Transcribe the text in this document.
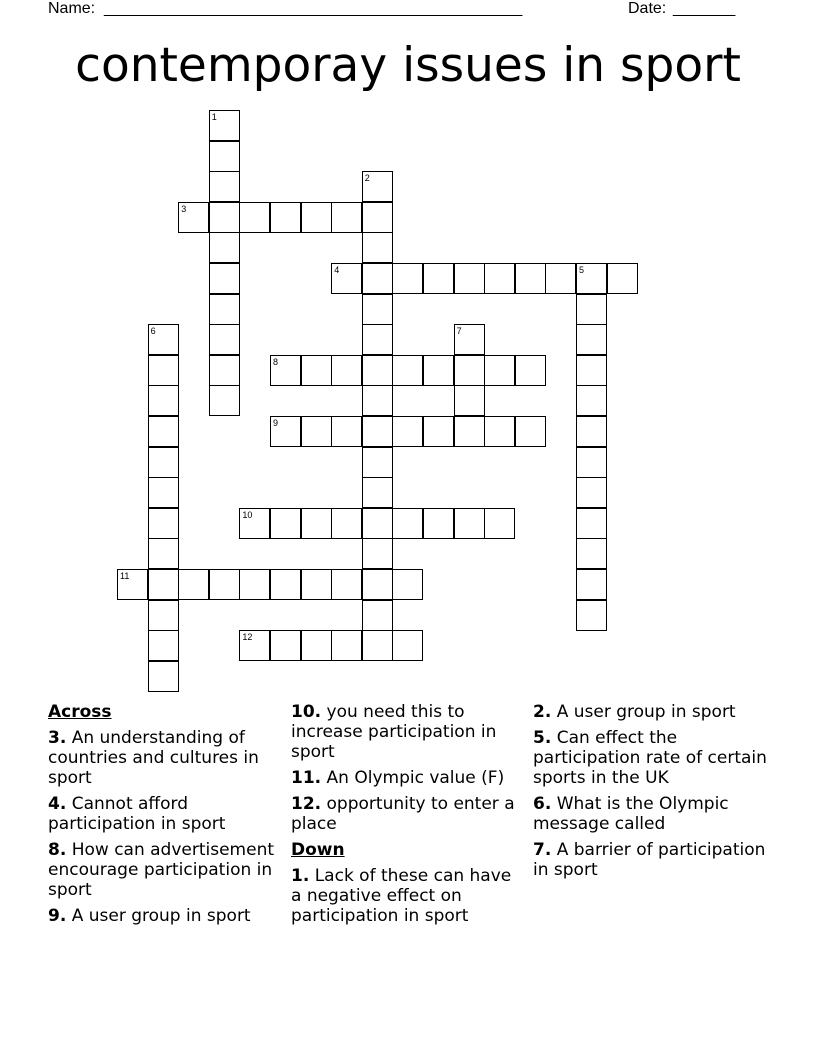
Name: _______________________________________________	Date: _______
contemporay issues in sport
1
2
3
4	5
6	7
8
9
10
11
12
Across
3. An understanding of countries and cultures in sport
4. Cannot afford participation in sport
8. How can advertisement encourage participation in sport
9. A user group in sport
10. you need this to increase participation in sport
11. An Olympic value (F)
12. opportunity to enter a place
Down
1. Lack of these can have a negative effect on participation in sport
2. A user group in sport
5. Can effect the participation rate of certain sports in the UK
6. What is the Olympic message called
7. A barrier of participation in sport
